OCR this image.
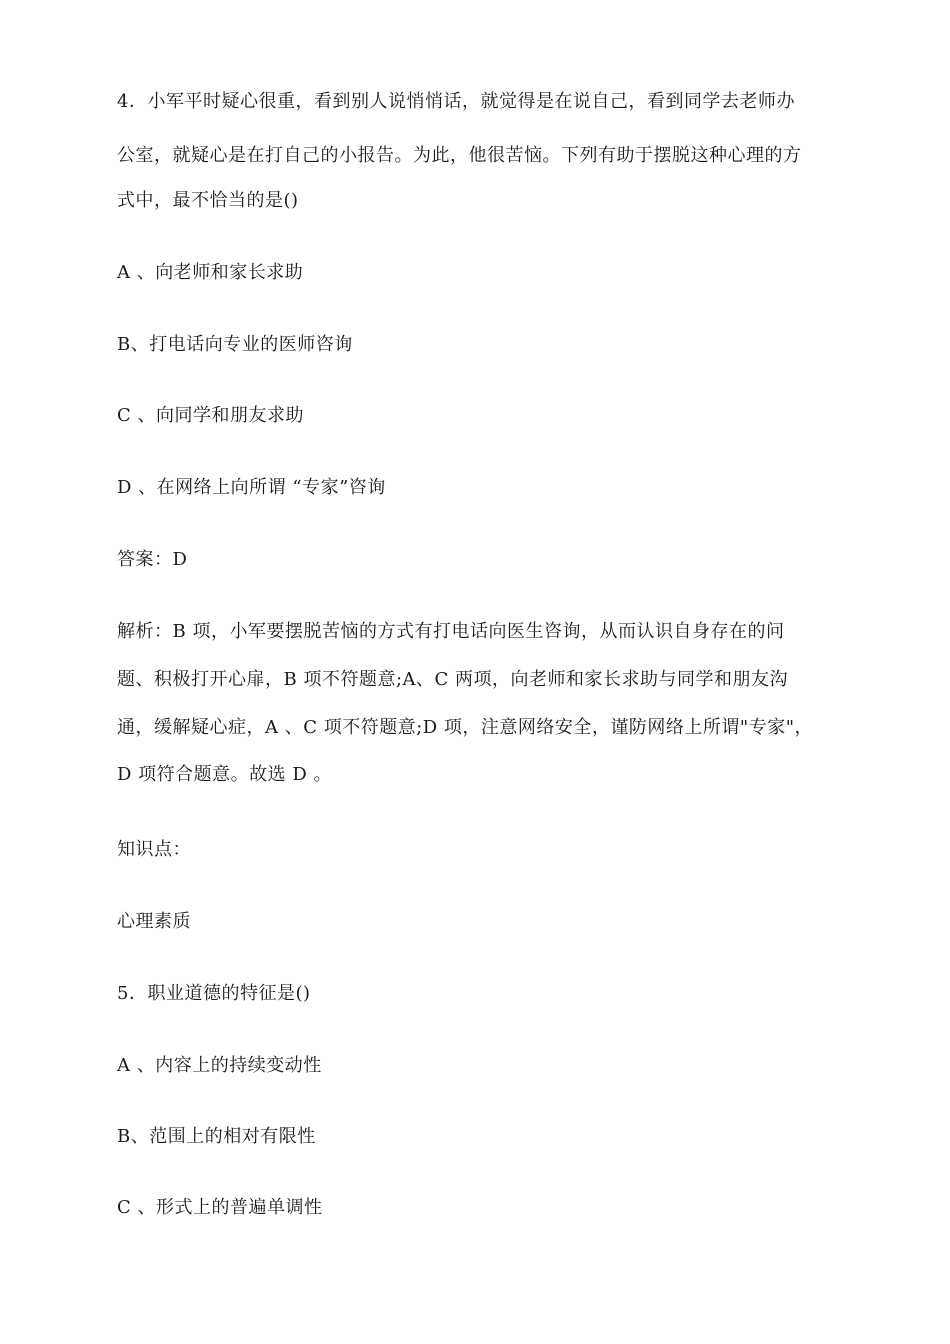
4．小军平时疑心很重，看到别人说悄悄话，就觉得是在说自己，看到同学去老师办
公室，就疑心是在打自己的小报告。为此，他很苦恼。下列有助于摆脱这种心理的方
式中，最不恰当的是()
A 、向老师和家长求助
B、打电话向专业的医师咨询
C 、向同学和朋友求助
D 、在网络上向所谓 “专家”咨询
答案：D
解析：B 项，小军要摆脱苦恼的方式有打电话向医生咨询，从而认识自身存在的问
题、积极打开心扉，B 项不符题意;A、C 两项，向老师和家长求助与同学和朋友沟
通，缓解疑心症，A 、C 项不符题意;D 项，注意网络安全，谨防网络上所谓"专家"，
D 项符合题意。故选 D 。
知识点：
心理素质
5．职业道德的特征是()
A 、内容上的持续变动性
B、范围上的相对有限性
C 、形式上的普遍单调性
